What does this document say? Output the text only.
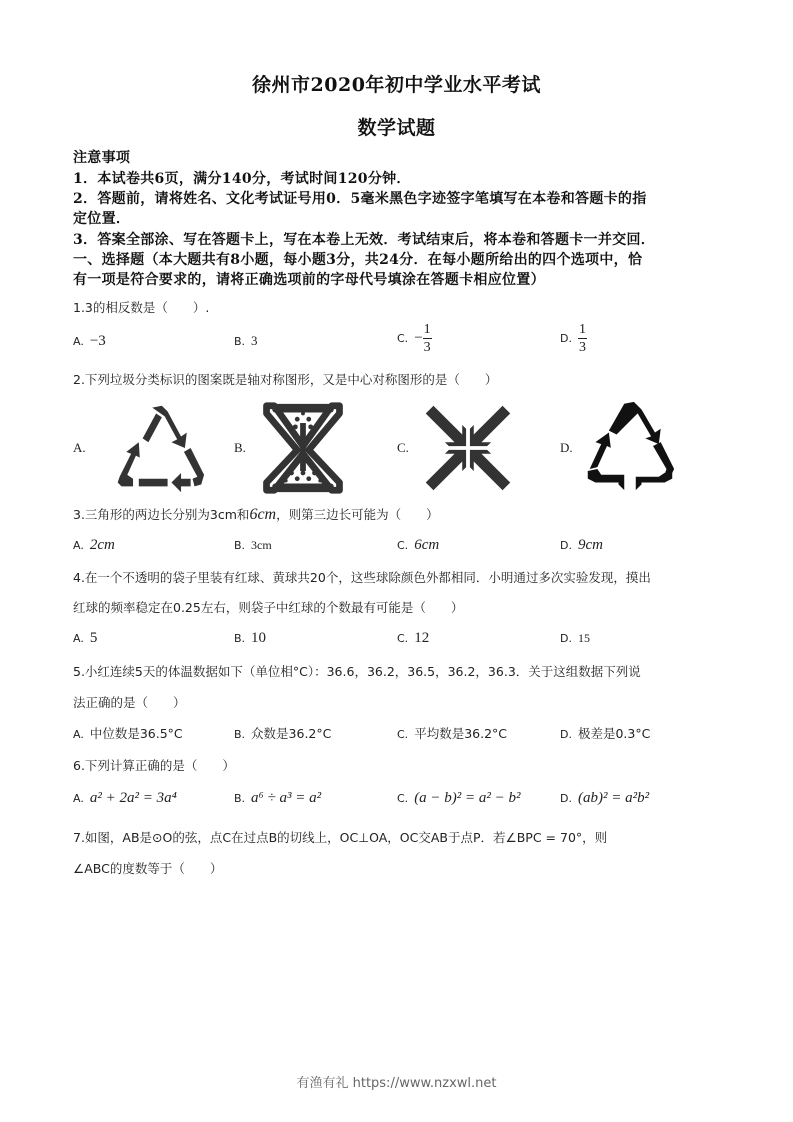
徐州市2020年初中学业水平考试
数学试题
注意事项
1．本试卷共6页，满分140分，考试时间120分钟．
2．答题前，请将姓名、文化考试证号用0．5毫米黑色字迹签字笔填写在本卷和答题卡的指
定位置．
3．答案全部涂、写在答题卡上，写在本卷上无效．考试结束后，将本卷和答题卡一并交回．
一、选择题（本大题共有8小题，每小题3分，共24分．在每小题所给出的四个选项中，恰
有一项是符合要求的，请将正确选项前的字母代号填涂在答题卡相应位置）
1.3的相反数是（　　）.
A. −3	B. 3	C. − $\frac{1}{3}$	D. $\frac{1}{3}$
2.下列垃圾分类标识的图案既是轴对称图形，又是中心对称图形的是（　　）
A.	B.	C.	D.
3.三角形的两边长分别为3cm和6cm，则第三边长可能为（　　）
A. 2cm	B. 3cm	C. 6cm	D. 9cm
4.在一个不透明的袋子里装有红球、黄球共20个，这些球除颜色外都相同．小明通过多次实验发现，摸出
红球的频率稳定在0.25左右，则袋子中红球的个数最有可能是（　　）
A. 5	B. 10	C. 12	D. 15
5.小红连续5天的体温数据如下（单位相°C）：36.6，36.2，36.5，36.2，36.3．关于这组数据下列说
法正确的是（　　）
A. 中位数是36.5°C	B. 众数是36.2°C	C. 平均数是36.2°C	D. 极差是0.3°C
6.下列计算正确的是（　　）
A. a² + 2a² = 3a⁴	B. a⁶ ÷ a³ = a²	C. (a − b)² = a² − b²	D. (ab)² = a²b²
7.如图，AB是⊙O的弦，点C在过点B的切线上，OC⊥OA，OC交AB于点P．若∠BPC = 70°，则
∠ABC的度数等于（　　）
有渔有礼 https://www.nzxwl.net
